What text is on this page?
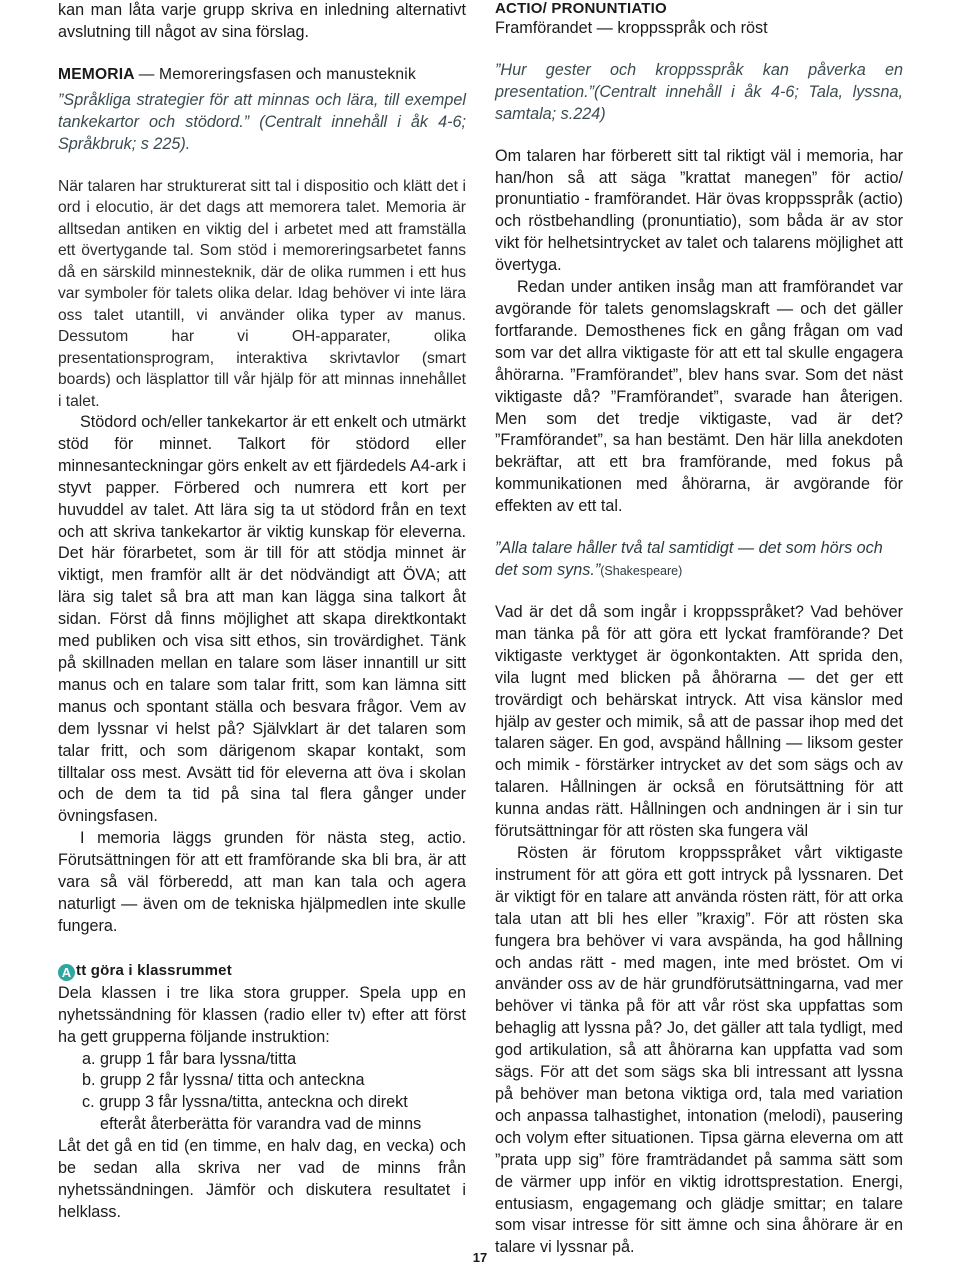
kan man låta varje grupp skriva en inledning alternativt avslutning till något av sina förslag.

MEMORIA — Memoreringsfasen och manusteknik

”Språkliga strategier för att minnas och lära, till exempel tankekartor och stödord.” (Centralt innehåll i åk 4-6; Språkbruk; s 225).

När talaren har strukturerat sitt tal i dispositio och klätt det i ord i elocutio, är det dags att memorera talet. Memoria är alltsedan antiken en viktig del i arbetet med att framställa ett övertygande tal. Som stöd i memoreringsarbetet fanns då en särskild minnesteknik, där de olika rummen i ett hus var symboler för talets olika delar. Idag behöver vi inte lära oss talet utantill, vi använder olika typer av manus. Dessutom har vi OH-apparater, olika presentationsprogram, interaktiva skrivtavlor (smart boards) och läsplattor till vår hjälp för att minnas innehållet i talet.

Stödord och/eller tankekartor är ett enkelt och utmärkt stöd för minnet. Talkort för stödord eller minnesanteckningar görs enkelt av ett fjärdedels A4-ark i styvt papper. Förbered och numrera ett kort per huvuddel av talet. Att lära sig ta ut stödord från en text och att skriva tankekartor är viktig kunskap för eleverna. Det här förarbetet, som är till för att stödja minnet är viktigt, men framför allt är det nödvändigt att ÖVA; att lära sig talet så bra att man kan lägga sina talkort åt sidan. Först då finns möjlighet att skapa direktkontakt med publiken och visa sitt ethos, sin trovärdighet. Tänk på skillnaden mellan en talare som läser innantill ur sitt manus och en talare som talar fritt, som kan lämna sitt manus och spontant ställa och besvara frågor. Vem av dem lyssnar vi helst på? Självklart är det talaren som talar fritt, och som därigenom skapar kontakt, som tilltalar oss mest. Avsätt tid för eleverna att öva i skolan och de dem ta tid på sina tal flera gånger under övningsfasen.

I memoria läggs grunden för nästa steg, actio. Förutsättningen för att ett framförande ska bli bra, är att vara så väl förberedd, att man kan tala och agera naturligt — även om de tekniska hjälpmedlen inte skulle fungera.

A tt göra i klassrummet

Dela klassen i tre lika stora grupper. Spela upp en nyhetssändning för klassen (radio eller tv) efter att först ha gett grupperna följande instruktion:

a. grupp 1 får bara lyssna/titta
b. grupp 2 får lyssna/ titta och anteckna
c. grupp 3 får lyssna/titta, anteckna och direkt
efteråt återberätta för varandra vad de minns

Låt det gå en tid (en timme, en halv dag, en vecka) och be sedan alla skriva ner vad de minns från nyhetssändningen. Jämför och diskutera resultatet i helklass.

ACTIO/ PRONUNTIATIO

Framförandet — kroppsspråk och röst

”Hur gester och kroppsspråk kan påverka en presentation.”(Centralt innehåll i åk 4-6; Tala, lyssna, samtala; s.224)

Om talaren har förberett sitt tal riktigt väl i memoria, har han/hon så att säga ”krattat manegen” för actio/ pronuntiatio - framförandet. Här övas kroppsspråk (actio) och röstbehandling (pronuntiatio), som båda är av stor vikt för helhetsintrycket av talet och talarens möjlighet att övertyga.

Redan under antiken insåg man att framförandet var avgörande för talets genomslagskraft — och det gäller fortfarande. Demosthenes fick en gång frågan om vad som var det allra viktigaste för att ett tal skulle engagera åhörarna. ”Framförandet”, blev hans svar. Som det näst viktigaste då? ”Framförandet”, svarade han återigen. Men som det tredje viktigaste, vad är det? ”Framförandet”, sa han bestämt. Den här lilla anekdoten bekräftar, att ett bra framförande, med fokus på kommunikationen med åhörarna, är avgörande för effekten av ett tal.

”Alla talare håller två tal samtidigt — det som hörs och det som syns.”(Shakespeare)

Vad är det då som ingår i kroppsspråket? Vad behöver man tänka på för att göra ett lyckat framförande? Det viktigaste verktyget är ögonkontakten. Att sprida den, vila lugnt med blicken på åhörarna — det ger ett trovärdigt och behärskat intryck. Att visa känslor med hjälp av gester och mimik, så att de passar ihop med det talaren säger. En god, avspänd hållning — liksom gester och mimik - förstärker intrycket av det som sägs och av talaren. Hållningen är också en förutsättning för att kunna andas rätt. Hållningen och andningen är i sin tur förutsättningar för att rösten ska fungera väl

Rösten är förutom kroppsspråket vårt viktigaste instrument för att göra ett gott intryck på lyssnaren. Det är viktigt för en talare att använda rösten rätt, för att orka tala utan att bli hes eller ”kraxig”. För att rösten ska fungera bra behöver vi vara avspända, ha god hållning och andas rätt - med magen, inte med bröstet. Om vi använder oss av de här grundförutsättningarna, vad mer behöver vi tänka på för att vår röst ska uppfattas som behaglig att lyssna på? Jo, det gäller att tala tydligt, med god artikulation, så att åhörarna kan uppfatta vad som sägs. För att det som sägs ska bli intressant att lyssna på behöver man betona viktiga ord, tala med variation och anpassa talhastighet, intonation (melodi), pausering och volym efter situationen. Tipsa gärna eleverna om att ”prata upp sig” före framträdandet på samma sätt som de värmer upp inför en viktig idrottsprestation. Energi, entusiasm, engagemang och glädje smittar; en talare som visar intresse för sitt ämne och sina åhörare är en talare vi lyssnar på.

17
